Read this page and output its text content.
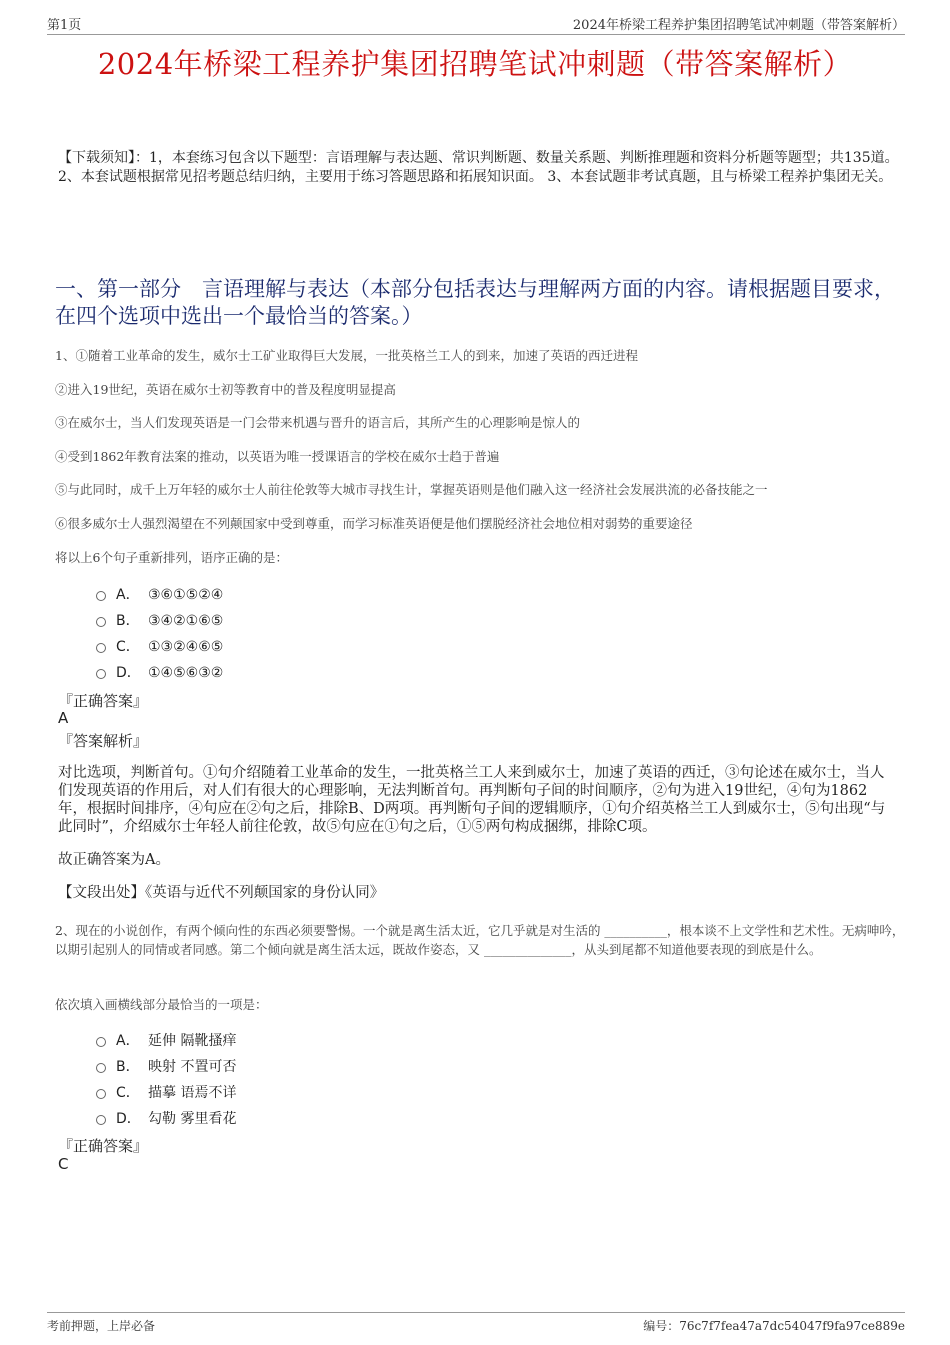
第1页	2024年桥梁工程养护集团招聘笔试冲刺题（带答案解析）
2024年桥梁工程养护集团招聘笔试冲刺题（带答案解析）
【下载须知】：1，本套练习包含以下题型：言语理解与表达题、常识判断题、数量关系题、判断推理题和资料分析题等题型；共135道。 2、本套试题根据常见招考题总结归纳，主要用于练习答题思路和拓展知识面。 3、本套试题非考试真题，且与桥梁工程养护集团无关。
一、第一部分　言语理解与表达（本部分包括表达与理解两方面的内容。请根据题目要求，在四个选项中选出一个最恰当的答案。）
1、①随着工业革命的发生，威尔士工矿业取得巨大发展，一批英格兰工人的到来，加速了英语的西迁进程
②进入19世纪，英语在威尔士初等教育中的普及程度明显提高
③在威尔士，当人们发现英语是一门会带来机遇与晋升的语言后，其所产生的心理影响是惊人的
④受到1862年教育法案的推动，以英语为唯一授课语言的学校在威尔士趋于普遍
⑤与此同时，成千上万年轻的威尔士人前往伦敦等大城市寻找生计，掌握英语则是他们融入这一经济社会发展洪流的必备技能之一
⑥很多威尔士人强烈渴望在不列颠国家中受到尊重，而学习标准英语便是他们摆脱经济社会地位相对弱势的重要途径
将以上6个句子重新排列，语序正确的是：
A． ③⑥①⑤②④
B． ③④②①⑥⑤
C． ①③②④⑥⑤
D． ①④⑤⑥③②
『正确答案』
A
『答案解析』
对比选项，判断首句。①句介绍随着工业革命的发生，一批英格兰工人来到威尔士，加速了英语的西迁，③句论述在威尔士，当人们发现英语的作用后，对人们有很大的心理影响，无法判断首句。再判断句子间的时间顺序，②句为进入19世纪，④句为1862年，根据时间排序，④句应在②句之后，排除B、D两项。再判断句子间的逻辑顺序，①句介绍英格兰工人到威尔士，⑤句出现“与此同时”，介绍威尔士年轻人前往伦敦，故⑤句应在①句之后，①⑤两句构成捆绑，排除C项。
故正确答案为A。
【文段出处】《英语与近代不列颠国家的身份认同》
2、现在的小说创作，有两个倾向性的东西必须要警惕。一个就是离生活太近，它几乎就是对生活的 __________，根本谈不上文学性和艺术性。无病呻吟，以期引起别人的同情或者同感。第二个倾向就是离生活太远，既故作姿态，又 ______________，从头到尾都不知道他要表现的到底是什么。
依次填入画横线部分最恰当的一项是：
A． 延伸 隔靴搔痒
B． 映射 不置可否
C． 描摹 语焉不详
D． 勾勒 雾里看花
『正确答案』
C
考前押题，上岸必备	编号：76c7f7fea47a7dc54047f9fa97ce889e
